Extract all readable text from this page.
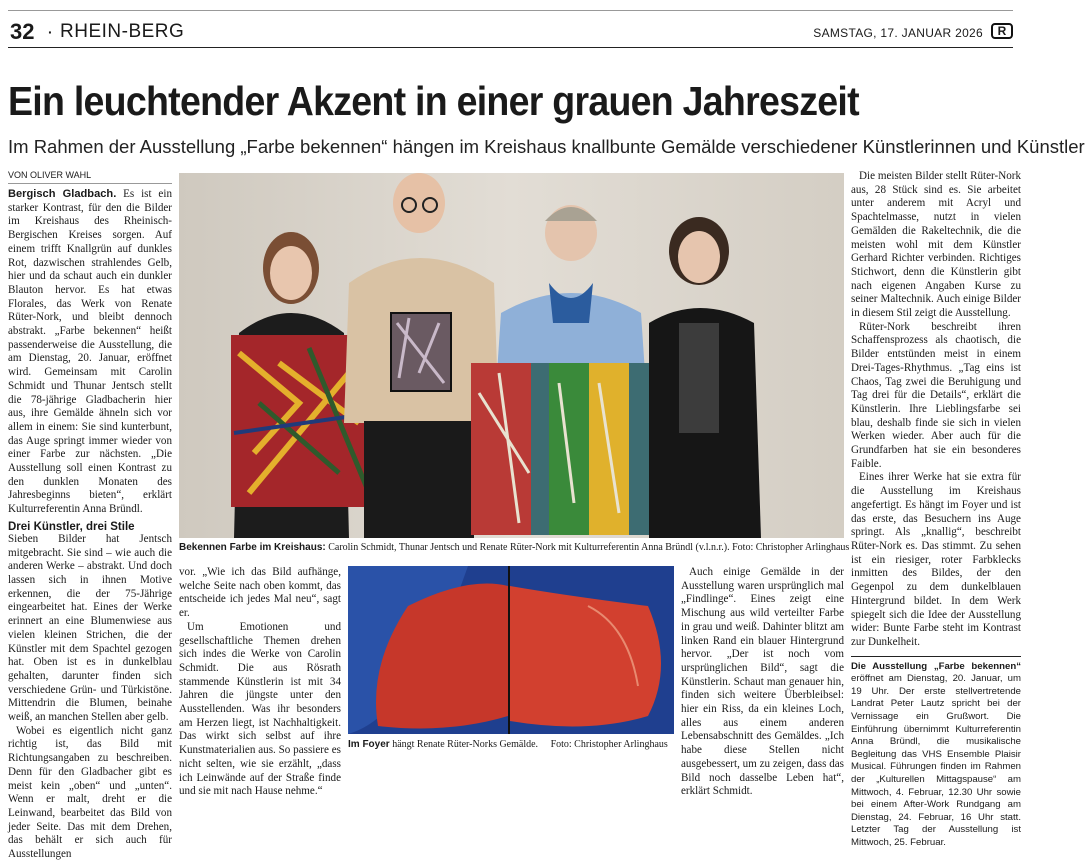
32 · RHEIN-BERG	SAMSTAG, 17. JANUAR 2026	R
Ein leuchtender Akzent in einer grauen Jahreszeit
Im Rahmen der Ausstellung „Farbe bekennen“ hängen im Kreishaus knallbunte Gemälde verschiedener Künstlerinnen und Künstler
VON OLIVER WAHL

Bergisch Gladbach. Es ist ein starker Kontrast, für den die Bilder im Kreishaus des Rheinisch-Bergischen Kreises sorgen. Auf einem trifft Knallgrün auf dunkles Rot, dazwischen strahlendes Gelb, hier und da schaut auch ein dunkler Blauton hervor. Es hat etwas Florales, das Werk von Renate Rüter-Nork, und bleibt dennoch abstrakt. „Farbe bekennen“ heißt passenderweise die Ausstellung, die am Dienstag, 20. Januar, eröffnet wird. Gemeinsam mit Carolin Schmidt und Thunar Jentsch stellt die 78-jährige Gladbacherin hier aus, ihre Gemälde ähneln sich vor allem in einem: Sie sind kunterbunt, das Auge springt immer wieder von einer Farbe zur nächsten. „Die Ausstellung soll einen Kontrast zu den dunklen Monaten des Jahresbeginns bieten“, erklärt Kulturreferentin Anna Bründl.

Drei Künstler, drei Stile

Sieben Bilder hat Jentsch mitgebracht. Sie sind – wie auch die anderen Werke – abstrakt. Und doch lassen sich in ihnen Motive erkennen, die der 75-Jährige eingearbeitet hat. Eines der Werke erinnert an eine Blumenwiese aus vielen kleinen Strichen, die der Künstler mit dem Spachtel gezogen hat. Oben ist es in dunkelblau gehalten, darunter finden sich verschiedene Grün- und Türkistöne. Mittendrin die Blumen, beinahe weiß, an manchen Stellen aber gelb.

Wobei es eigentlich nicht ganz richtig ist, das Bild mit Richtungsangaben zu beschreiben. Denn für den Gladbacher gibt es meist kein „oben“ und „unten“. Wenn er malt, dreht er die Leinwand, bearbeitet das Bild von jeder Seite. Das mit dem Drehen, das behält er sich auch für Ausstellungen

Bekennen Farbe im Kreishaus: Carolin Schmidt, Thunar Jentsch und Renate Rüter-Nork mit Kulturreferentin Anna Bründl (v.l.n.r.). Foto: Christopher Arlinghaus

vor. „Wie ich das Bild aufhänge, welche Seite nach oben kommt, das entscheide ich jedes Mal neu“, sagt er.

Um Emotionen und gesellschaftliche Themen drehen sich indes die Werke von Carolin Schmidt. Die aus Rösrath stammende Künstlerin ist mit 34 Jahren die jüngste unter den Ausstellenden. Was ihr besonders am Herzen liegt, ist Nachhaltigkeit. Das wirkt sich selbst auf ihre Kunstmaterialien aus. So passiere es nicht selten, wie sie erzählt, „dass ich Leinwände auf der Straße finde und sie mit nach Hause nehme.“

Im Foyer hängt Renate Rüter-Norks Gemälde. Foto: Christopher Arlinghaus

Auch einige Gemälde in der Ausstellung waren ursprünglich mal „Findlinge“. Eines zeigt eine Mischung aus wild verteilter Farbe in grau und weiß. Dahinter blitzt am linken Rand ein blauer Hintergrund hervor. „Der ist noch vom ursprünglichen Bild“, sagt die Künstlerin. Schaut man genauer hin, finden sich weitere Überbleibsel: hier ein Riss, da ein kleines Loch, alles aus einem anderen Lebensabschnitt des Gemäldes. „Ich habe diese Stellen nicht ausgebessert, um zu zeigen, dass das Bild noch dasselbe Leben hat“, erklärt Schmidt.

Die meisten Bilder stellt Rüter-Nork aus, 28 Stück sind es. Sie arbeitet unter anderem mit Acryl und Spachtelmasse, nutzt in vielen Gemälden die Rakeltechnik, die die meisten wohl mit dem Künstler Gerhard Richter verbinden. Richtiges Stichwort, denn die Künstlerin gibt nach eigenen Angaben Kurse zu seiner Maltechnik. Auch einige Bilder in diesem Stil zeigt die Ausstellung.

Rüter-Nork beschreibt ihren Schaffensprozess als chaotisch, die Bilder entstünden meist in einem Drei-Tages-Rhythmus. „Tag eins ist Chaos, Tag zwei die Beruhigung und Tag drei für die Details“, erklärt die Künstlerin. Ihre Lieblingsfarbe sei blau, deshalb finde sie sich in vielen Werken wieder. Aber auch für die Grundfarben hat sie ein besonderes Faible.

Eines ihrer Werke hat sie extra für die Ausstellung im Kreishaus angefertigt. Es hängt im Foyer und ist das erste, das Besuchern ins Auge springt. Als „knallig“, beschreibt Rüter-Nork es. Das stimmt. Zu sehen ist ein riesiger, roter Farbklecks inmitten des Bildes, der den Gegenpol zu dem dunkelblauen Hintergrund bildet. In dem Werk spiegelt sich die Idee der Ausstellung wider: Bunte Farbe steht im Kontrast zur Dunkelheit.

Die Ausstellung „Farbe bekennen“ eröffnet am Dienstag, 20. Januar, um 19 Uhr. Der erste stellvertretende Landrat Peter Lautz spricht bei der Vernissage ein Grußwort. Die Einführung übernimmt Kulturreferentin Anna Bründl, die musikalische Begleitung das VHS Ensemble Plaisir Musical. Führungen finden im Rahmen der „Kulturellen Mittagspause“ am Mittwoch, 4. Februar, 12.30 Uhr sowie bei einem After-Work Rundgang am Dienstag, 24. Februar, 16 Uhr statt. Letzter Tag der Ausstellung ist Mittwoch, 25. Februar.
